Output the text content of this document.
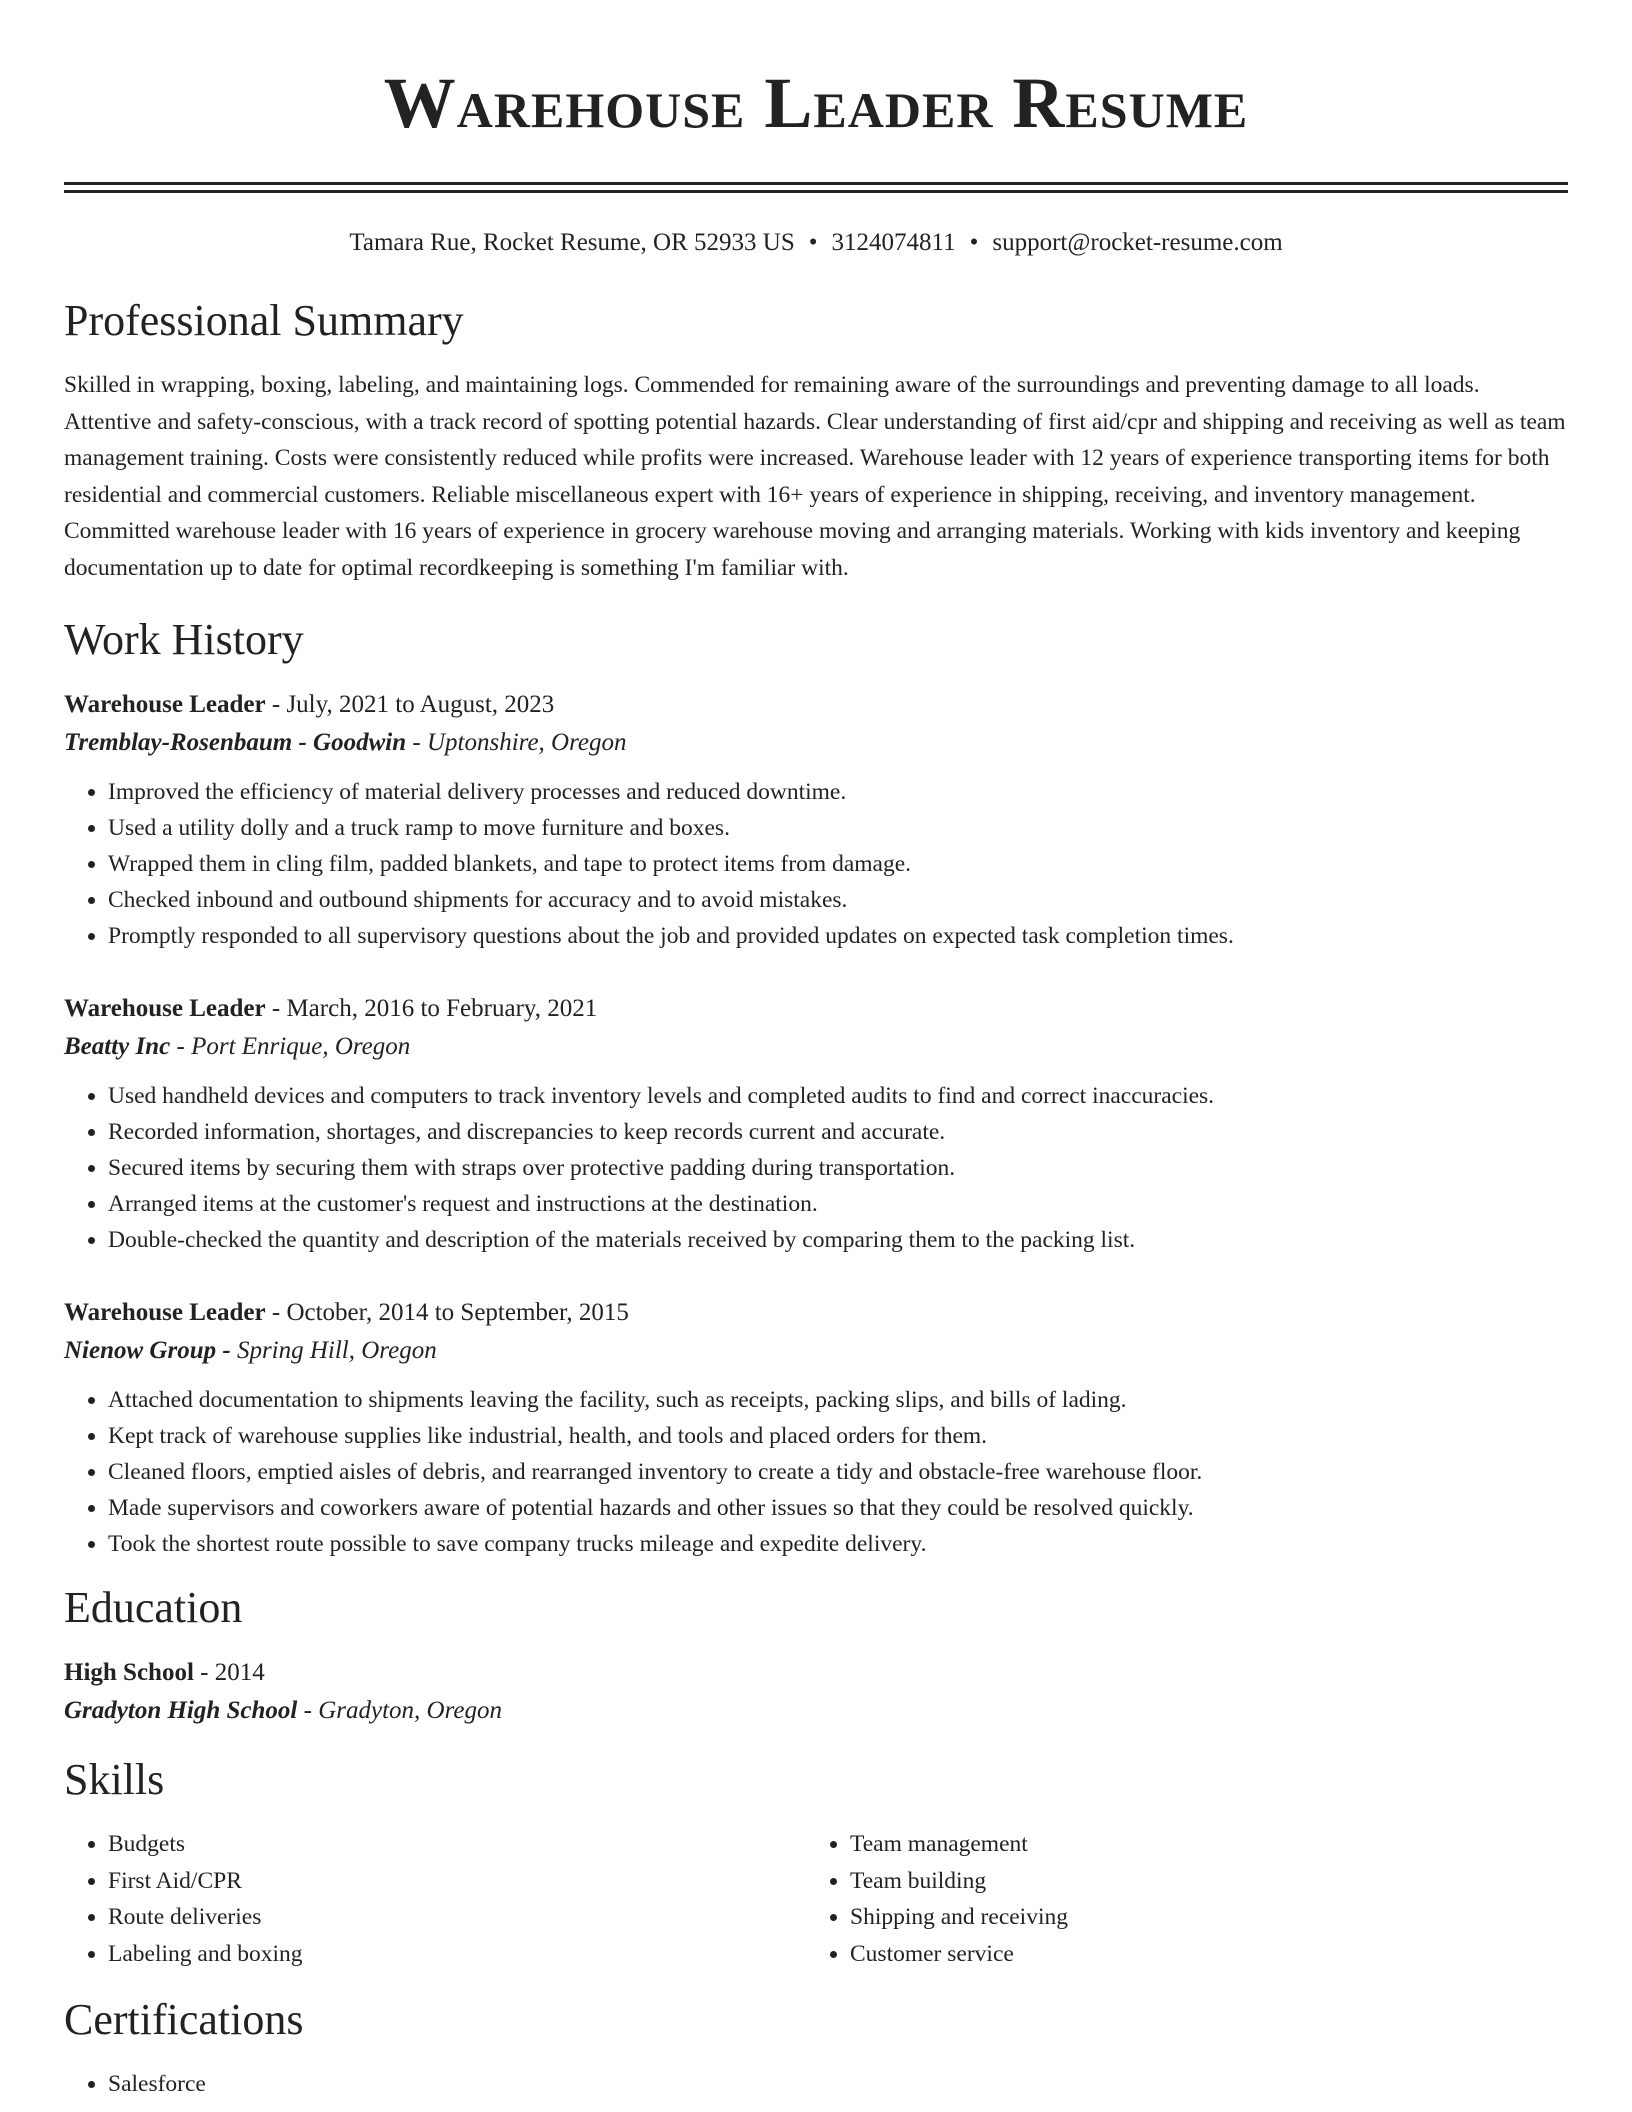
Warehouse Leader Resume
Tamara Rue, Rocket Resume, OR 52933 US • 3124074811 • support@rocket-resume.com
Professional Summary

Skilled in wrapping, boxing, labeling, and maintaining logs. Commended for remaining aware of the surroundings and preventing damage to all loads. Attentive and safety-conscious, with a track record of spotting potential hazards. Clear understanding of first aid/cpr and shipping and receiving as well as team management training. Costs were consistently reduced while profits were increased. Warehouse leader with 12 years of experience transporting items for both residential and commercial customers. Reliable miscellaneous expert with 16+ years of experience in shipping, receiving, and inventory management. Committed warehouse leader with 16 years of experience in grocery warehouse moving and arranging materials. Working with kids inventory and keeping documentation up to date for optimal recordkeeping is something I'm familiar with.

Work History
Warehouse Leader - July, 2021 to August, 2023
Tremblay-Rosenbaum - Goodwin - Uptonshire, Oregon
• Improved the efficiency of material delivery processes and reduced downtime.
• Used a utility dolly and a truck ramp to move furniture and boxes.
• Wrapped them in cling film, padded blankets, and tape to protect items from damage.
• Checked inbound and outbound shipments for accuracy and to avoid mistakes.
• Promptly responded to all supervisory questions about the job and provided updates on expected task completion times.
Warehouse Leader - March, 2016 to February, 2021
Beatty Inc - Port Enrique, Oregon
• Used handheld devices and computers to track inventory levels and completed audits to find and correct inaccuracies.
• Recorded information, shortages, and discrepancies to keep records current and accurate.
• Secured items by securing them with straps over protective padding during transportation.
• Arranged items at the customer's request and instructions at the destination.
• Double-checked the quantity and description of the materials received by comparing them to the packing list.
Warehouse Leader - October, 2014 to September, 2015
Nienow Group - Spring Hill, Oregon
• Attached documentation to shipments leaving the facility, such as receipts, packing slips, and bills of lading.
• Kept track of warehouse supplies like industrial, health, and tools and placed orders for them.
• Cleaned floors, emptied aisles of debris, and rearranged inventory to create a tidy and obstacle-free warehouse floor.
• Made supervisors and coworkers aware of potential hazards and other issues so that they could be resolved quickly.
• Took the shortest route possible to save company trucks mileage and expedite delivery.
Education
High School - 2014
Gradyton High School - Gradyton, Oregon
Skills
• Budgets
• First Aid/CPR
• Route deliveries
• Labeling and boxing
• Team management
• Team building
• Shipping and receiving
• Customer service
Certifications
• Salesforce
